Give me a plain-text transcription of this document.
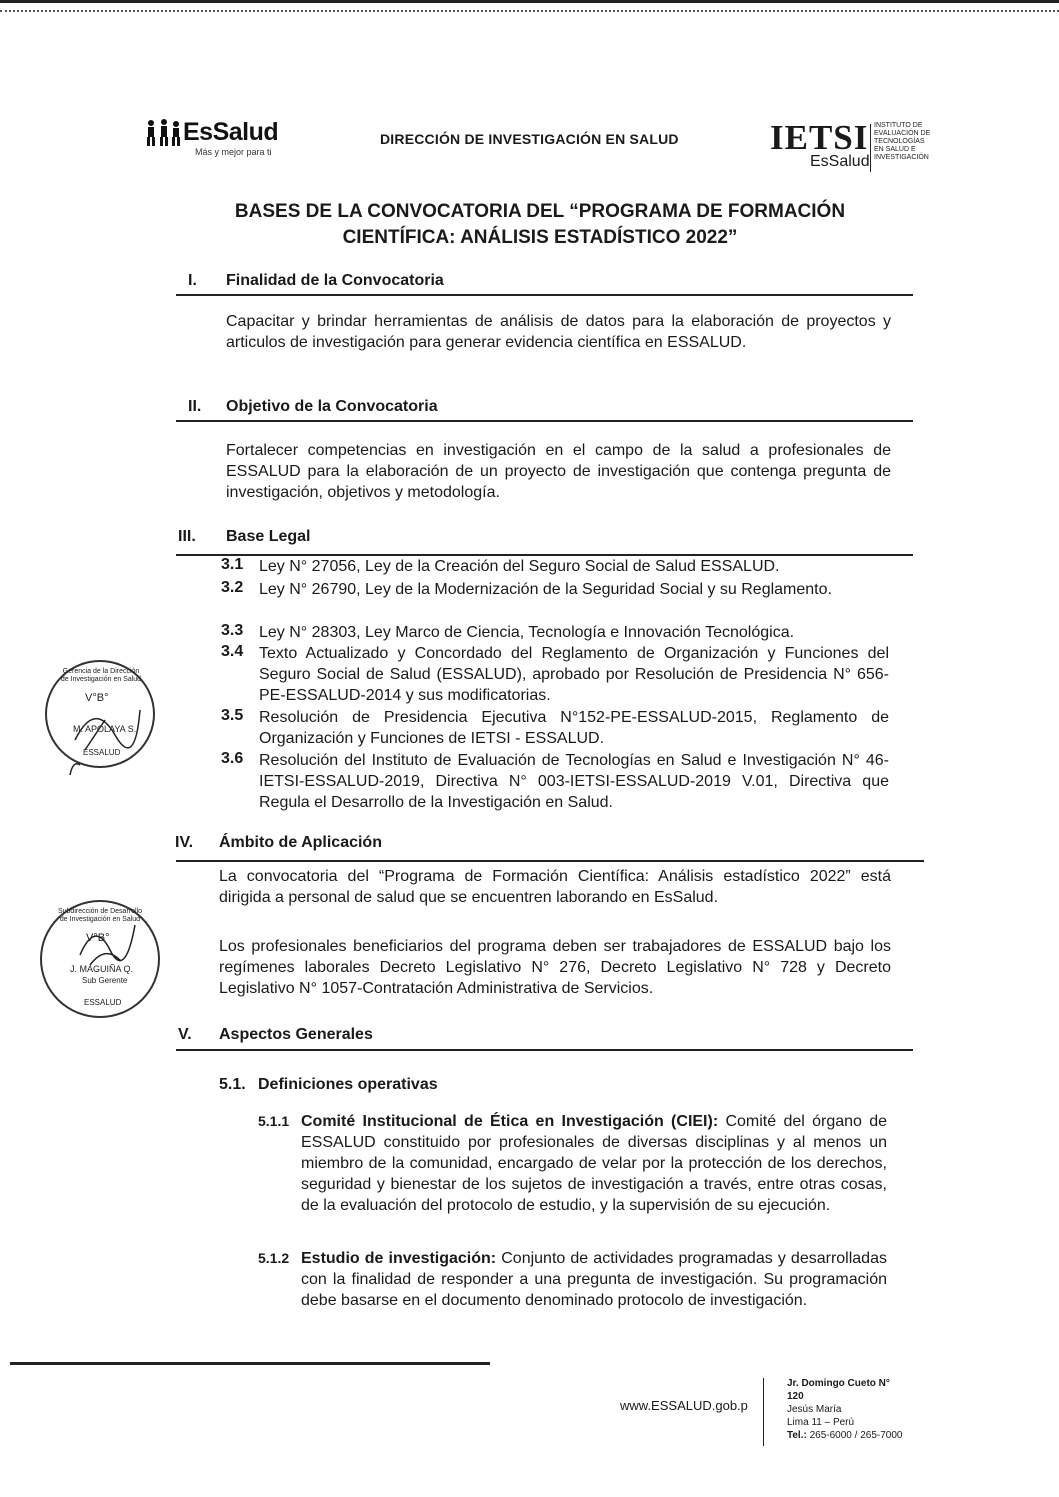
EsSalud
Más y mejor para ti
DIRECCIÓN DE INVESTIGACIÓN EN SALUD	IETSI
EsSalud
INSTITUTO DE EVALUACIÓN DE TECNOLOGÍAS EN SALUD E INVESTIGACIÓN
BASES DE LA CONVOCATORIA DEL “PROGRAMA DE FORMACIÓN
CIENTÍFICA: ANÁLISIS ESTADÍSTICO 2022”
I. Finalidad de la Convocatoria
Capacitar y brindar herramientas de análisis de datos para la elaboración de proyectos y articulos de investigación para generar evidencia científica en ESSALUD.
II. Objetivo de la Convocatoria
Fortalecer competencias en investigación en el campo de la salud a profesionales de ESSALUD para la elaboración de un proyecto de investigación que contenga pregunta de investigación, objetivos y metodología.
III. Base Legal
3.1 Ley N° 27056, Ley de la Creación del Seguro Social de Salud ESSALUD.
3.2 Ley N° 26790, Ley de la Modernización de la Seguridad Social y su Reglamento.
3.3 Ley N° 28303, Ley Marco de Ciencia, Tecnología e Innovación Tecnológica.
3.4 Texto Actualizado y Concordado del Reglamento de Organización y Funciones del Seguro Social de Salud (ESSALUD), aprobado por Resolución de Presidencia N° 656-PE-ESSALUD-2014 y sus modificatorias.
3.5 Resolución de Presidencia Ejecutiva N°152-PE-ESSALUD-2015, Reglamento de Organización y Funciones de IETSI - ESSALUD.
3.6 Resolución del Instituto de Evaluación de Tecnologías en Salud e Investigación N° 46-IETSI-ESSALUD-2019, Directiva N° 003-IETSI-ESSALUD-2019 V.01, Directiva que Regula el Desarrollo de la Investigación en Salud.
Gerencia de la Dirección de Investigación en Salud
V°B°
M. APOLAYA S.
ESSALUD
IV. Ámbito de Aplicación
La convocatoria del “Programa de Formación Científica: Análisis estadístico 2022” está dirigida a personal de salud que se encuentren laborando en EsSalud.
Los profesionales beneficiarios del programa deben ser trabajadores de ESSALUD bajo los regímenes laborales Decreto Legislativo N° 276, Decreto Legislativo N° 728 y Decreto Legislativo N° 1057-Contratación Administrativa de Servicios.
Subdirección de Desarrollo de Investigación en Salud
V°B°
J. MAGUIÑA Q.
Sub Gerente
ESSALUD
V. Aspectos Generales
5.1. Definiciones operativas
5.1.1 Comité Institucional de Ética en Investigación (CIEI): Comité del órgano de ESSALUD constituido por profesionales de diversas disciplinas y al menos un miembro de la comunidad, encargado de velar por la protección de los derechos, seguridad y bienestar de los sujetos de investigación a través, entre otras cosas, de la evaluación del protocolo de estudio, y la supervisión de su ejecución.
5.1.2 Estudio de investigación: Conjunto de actividades programadas y desarrolladas con la finalidad de responder a una pregunta de investigación. Su programación debe basarse en el documento denominado protocolo de investigación.
www.ESSALUD.gob.p
Jr. Domingo Cueto N°
120
Jesús María
Lima 11 – Perú
Tel.: 265-6000 / 265-7000
